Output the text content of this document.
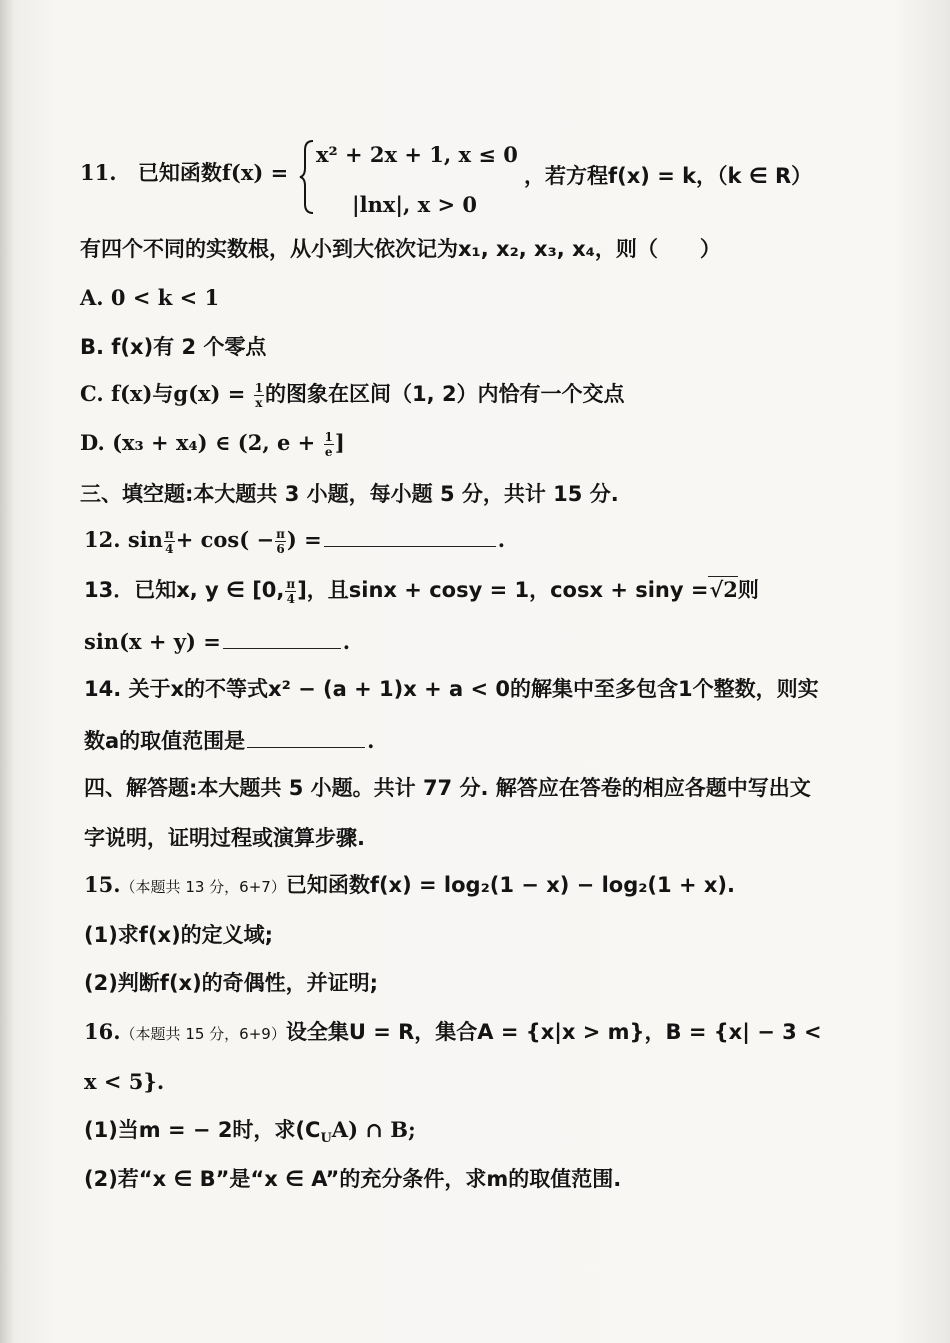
11. 已知函数f(x) =
x² + 2x + 1, x ≤ 0
|lnx|, x > 0
，若方程f(x) = k，（k ∈ R）
有四个不同的实数根，从小到大依次记为x₁, x₂, x₃, x₄，则（　　）
A. 0 < k < 1
B. f(x)有 2 个零点
C. f(x)与$g(x) = \frac{1}{x}$ 的图象在区间（1, 2）内恰有一个交点
D. (x₃ + x₄) ∈ (2, $e + \frac{1}{e}$ ]
三、填空题:本大题共 3 小题，每小题 5 分，共计 15 分.
12. $\sin \frac{\pi}{4} + \cos( - \frac{\pi}{6}$ ) =	.
13．已知x, y ∈ [0, $\frac{\pi}{4}$ ]，且sinx + cosy = 1，cosx + siny =√2则
sin(x + y) =	.
14. 关于x的不等式x² − (a + 1)x + a < 0的解集中至多包含1个整数，则实
数a的取值范围是	.
四、解答题:本大题共 5 小题。共计 77 分. 解答应在答卷的相应各题中写出文
字说明，证明过程或演算步骤.
15.（本题共 13 分，6+7）已知函数f(x) = log₂(1 − x) − log₂(1 + x).
(1)求f(x)的定义域;
(2)判断f(x)的奇偶性，并证明;
16.（本题共 15 分，6+9）设全集U = R，集合A = {x|x > m}，B = {x| − 3 <
x < 5}.
(1)当m = − 2时，求$(C_UA)$ ∩ B;
(2)若“x ∈ B”是“x ∈ A”的充分条件，求m的取值范围.
